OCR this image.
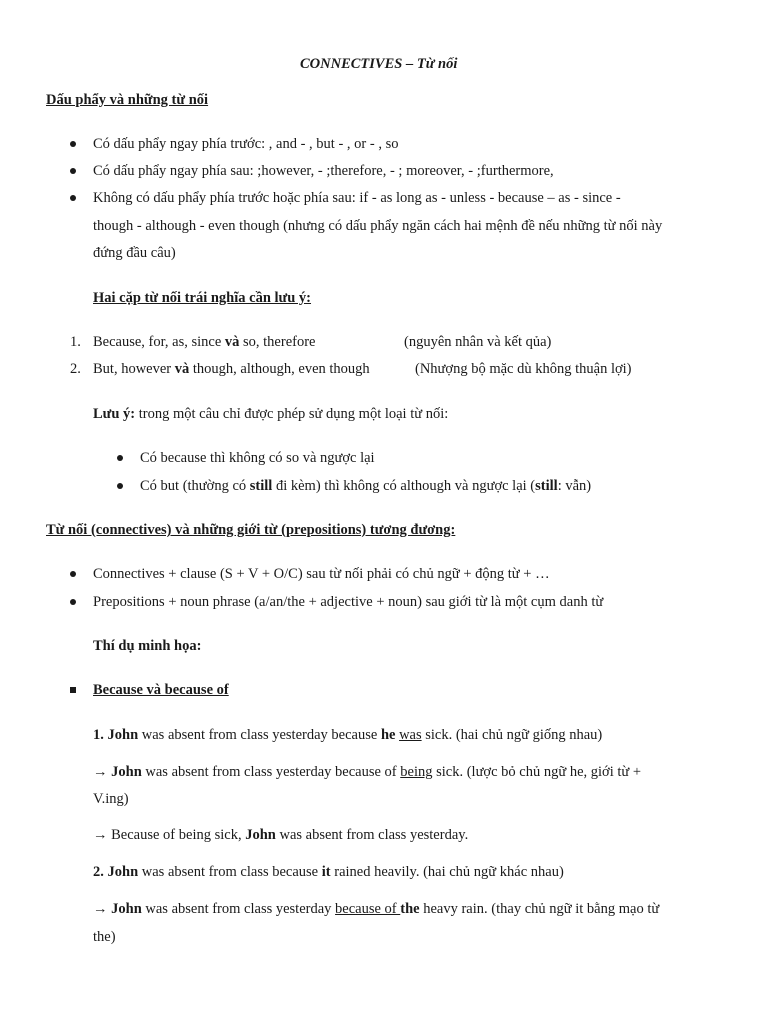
CONNECTIVES – Từ nối
Dấu phẩy và những từ nối
Có dấu phẩy ngay phía trước: , and - , but - , or - , so
Có dấu phẩy ngay phía sau: ;however, - ;therefore, - ; moreover, - ;furthermore,
Không có dấu phẩy phía trước hoặc phía sau: if - as long as - unless - because – as - since -
though - although - even though (nhưng có dấu phẩy ngăn cách hai mệnh đề nếu những từ nối này
đứng đầu câu)
Hai cặp từ nối trái nghĩa cần lưu ý:
1. Because, for, as, since và so, therefore	(nguyên nhân và kết qủa)
2. But, however và though, although, even though	(Nhượng bộ mặc dù không thuận lợi)
Lưu ý: trong một câu chỉ được phép sử dụng một loại từ nối:
Có because thì không có so và ngược lại
Có but (thường có still đi kèm) thì không có although và ngược lại (still: vẫn)
Từ nối (connectives) và những giới từ (prepositions) tương đương:
Connectives + clause (S + V + O/C) sau từ nối phải có chủ ngữ + động từ + …
Prepositions + noun phrase (a/an/the + adjective + noun) sau giới từ là một cụm danh từ
Thí dụ minh họa:
Because và because of
1. John was absent from class yesterday because he was sick. (hai chủ ngữ giống nhau)
→ John was absent from class yesterday because of being sick. (lược bỏ chủ ngữ he, giới từ +
V.ing)
→ Because of being sick, John was absent from class yesterday.
2. John was absent from class because it rained heavily. (hai chủ ngữ khác nhau)
→ John was absent from class yesterday because of the heavy rain. (thay chủ ngữ it bằng mạo từ
the)
